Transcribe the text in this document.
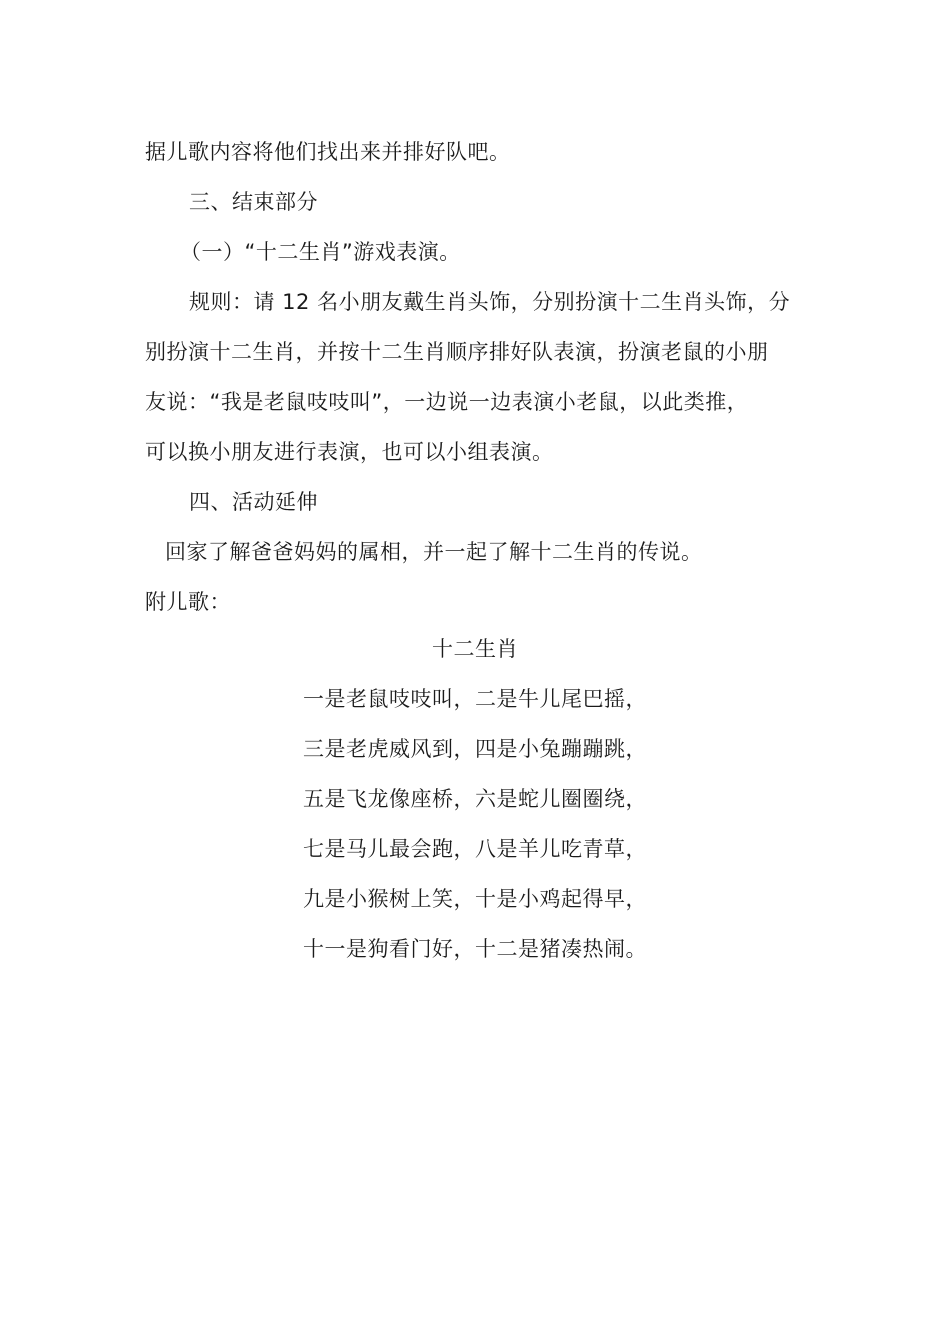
据儿歌内容将他们找出来并排好队吧。
三、结束部分
（一）“十二生肖”游戏表演。
规则：请 12 名小朋友戴生肖头饰，分别扮演十二生肖头饰，分
别扮演十二生肖，并按十二生肖顺序排好队表演，扮演老鼠的小朋
友说：“我是老鼠吱吱叫”，一边说一边表演小老鼠，以此类推，
可以换小朋友进行表演，也可以小组表演。
四、活动延伸
回家了解爸爸妈妈的属相，并一起了解十二生肖的传说。
附儿歌：
十二生肖
一是老鼠吱吱叫，二是牛儿尾巴摇，
三是老虎威风到，四是小兔蹦蹦跳，
五是飞龙像座桥，六是蛇儿圈圈绕，
七是马儿最会跑，八是羊儿吃青草，
九是小猴树上笑，十是小鸡起得早，
十一是狗看门好，十二是猪凑热闹。
